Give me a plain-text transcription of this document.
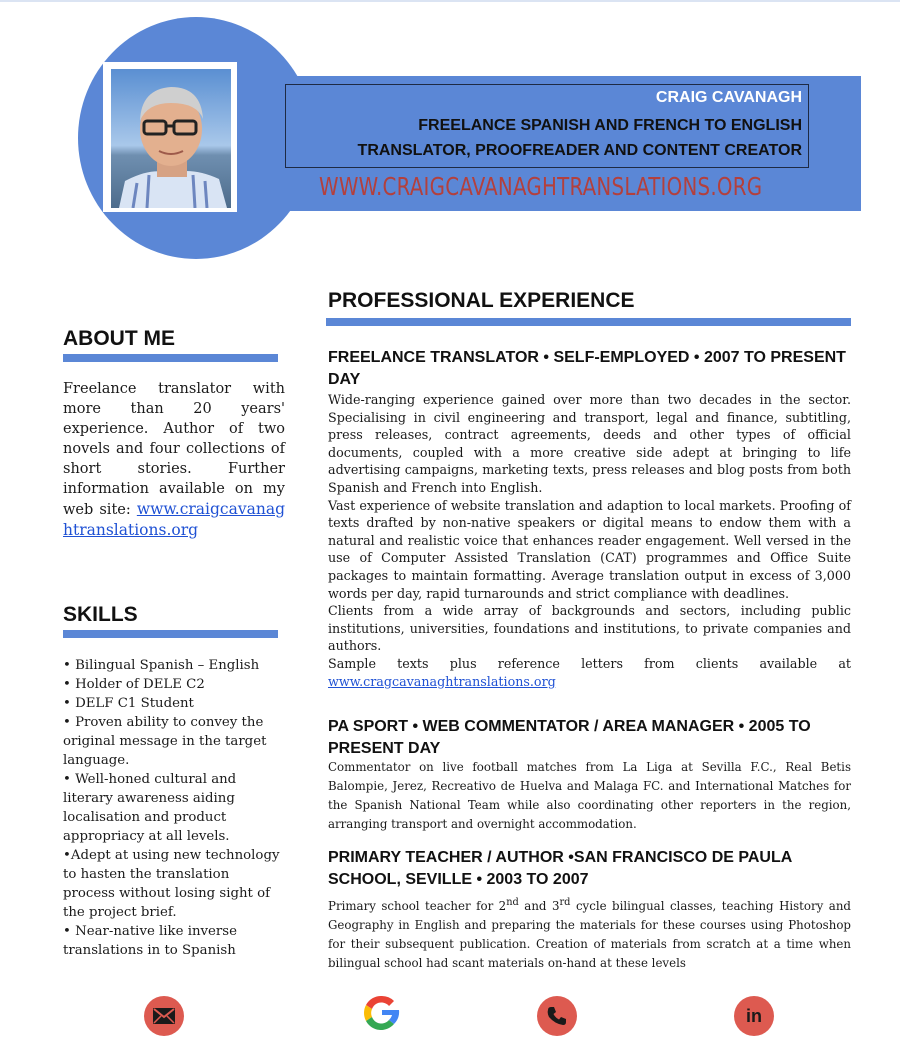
CRAIG CAVANAGH
FREELANCE SPANISH AND FRENCH TO ENGLISH
TRANSLATOR, PROOFREADER AND CONTENT CREATOR
WWW.CRAIGCAVANAGHTRANSLATIONS.ORG
ABOUT ME
Freelance translator with more than 20 years' experience. Author of two novels and four collections of short stories. Further information available on my web site: www.craigcavanaghtranslations.org
SKILLS
• Bilingual Spanish – English
• Holder of DELE C2
• DELF C1 Student
• Proven ability to convey the original message in the target language.
• Well-honed cultural and literary awareness aiding localisation and product appropriacy at all levels.
•Adept at using new technology to hasten the translation process without losing sight of the project brief.
• Near-native like inverse translations in to Spanish
PROFESSIONAL EXPERIENCE
FREELANCE TRANSLATOR • SELF-EMPLOYED • 2007 TO PRESENT DAY

Wide-ranging experience gained over more than two decades in the sector. Specialising in civil engineering and transport, legal and finance, subtitling, press releases, contract agreements, deeds and other types of official documents, coupled with a more creative side adept at bringing to life advertising campaigns, marketing texts, press releases and blog posts from both Spanish and French into English.

Vast experience of website translation and adaption to local markets. Proofing of texts drafted by non-native speakers or digital means to endow them with a natural and realistic voice that enhances reader engagement. Well versed in the use of Computer Assisted Translation (CAT) programmes and Office Suite packages to maintain formatting. Average translation output in excess of 3,000 words per day, rapid turnarounds and strict compliance with deadlines.

Clients from a wide array of backgrounds and sectors, including public institutions, universities, foundations and institutions, to private companies and authors.

Sample texts plus reference letters from clients available at

www.cragcavanaghtranslations.org

PA SPORT • WEB COMMENTATOR / AREA MANAGER • 2005 TO PRESENT DAY

Commentator on live football matches from La Liga at Sevilla F.C., Real Betis Balompie, Jerez, Recreativo de Huelva and Malaga FC. and International Matches for the Spanish National Team while also coordinating other reporters in the region, arranging transport and overnight accommodation.

PRIMARY TEACHER / AUTHOR •SAN FRANCISCO DE PAULA SCHOOL, SEVILLE • 2003 TO 2007

Primary school teacher for 2nd and 3rd cycle bilingual classes, teaching History and Geography in English and preparing the materials for these courses using Photoshop for their subsequent publication. Creation of materials from scratch at a time when bilingual school had scant materials on-hand at these levels

in
